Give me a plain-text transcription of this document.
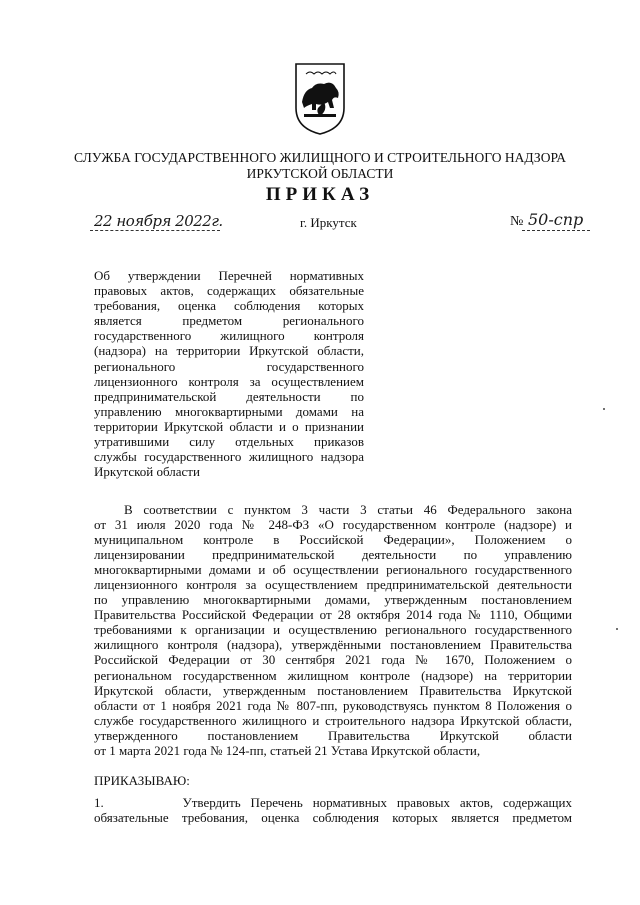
СЛУЖБА ГОСУДАРСТВЕННОГО ЖИЛИЩНОГО И СТРОИТЕЛЬНОГО НАДЗОРА
ИРКУТСКОЙ ОБЛАСТИ
ПРИКАЗ
22 ноября 2022г.	г. Иркутск	№ 50-спр
Об утверждении Перечней нормативных
правовых актов, содержащих обязательные
требования, оценка соблюдения которых
является предметом регионального
государственного жилищного контроля
(надзора) на территории Иркутской области,
регионального государственного
лицензионного контроля за осуществлением
предпринимательской деятельности по
управлению многоквартирными домами на
территории Иркутской области и о признании
утратившими силу отдельных приказов
службы государственного жилищного надзора
Иркутской области
В соответствии с пунктом 3 части 3 статьи 46 Федерального закона
от 31 июля 2020 года № 248-ФЗ «О государственном контроле (надзоре) и
муниципальном контроле в Российской Федерации», Положением о
лицензировании предпринимательской деятельности по управлению
многоквартирными домами и об осуществлении регионального государственного
лицензионного контроля за осуществлением предпринимательской деятельности
по управлению многоквартирными домами, утвержденным постановлением
Правительства Российской Федерации от 28 октября 2014 года № 1110, Общими
требованиями к организации и осуществлению регионального государственного
жилищного контроля (надзора), утверждёнными постановлением Правительства
Российской Федерации от 30 сентября 2021 года № 1670, Положением о
региональном государственном жилищном контроле (надзоре) на территории
Иркутской области, утвержденным постановлением Правительства Иркутской
области от 1 ноября 2021 года № 807-пп, руководствуясь пунктом 8 Положения о
службе государственного жилищного и строительного надзора Иркутской области,
утвержденного постановлением Правительства Иркутской области
от 1 марта 2021 года № 124-пп, статьей 21 Устава Иркутской области,
ПРИКАЗЫВАЮ:
1.        Утвердить Перечень нормативных правовых актов, содержащих
обязательные требования, оценка соблюдения которых является предметом
